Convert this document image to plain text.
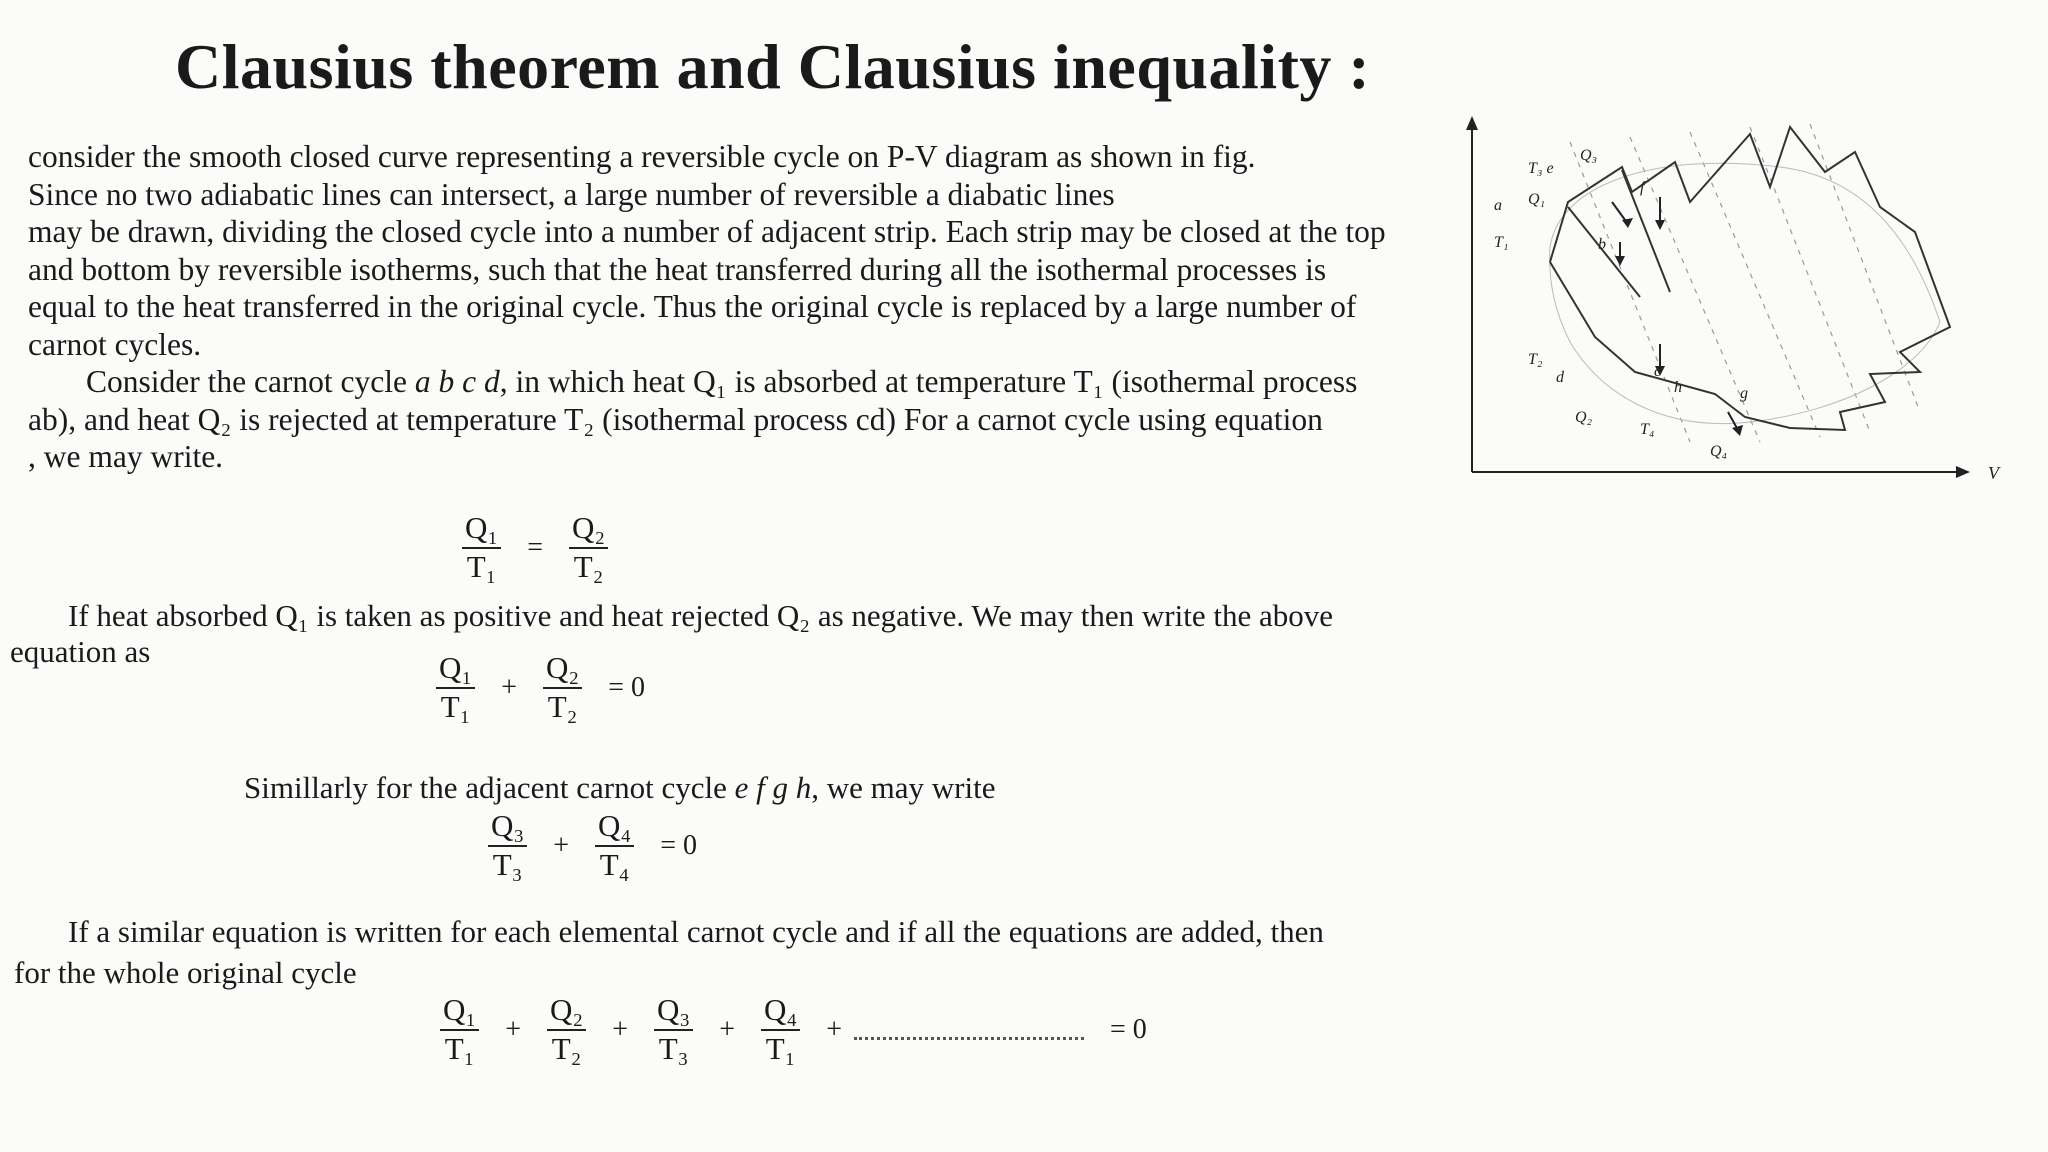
Clausius theorem and Clausius inequality :
consider the smooth closed curve representing a reversible cycle on P-V diagram as shown in fig.
Since no two adiabatic lines can intersect, a large number of reversible a diabatic lines
may be drawn, dividing the closed cycle into a number of adjacent strip. Each strip may be closed at the top
and bottom by reversible isotherms, such that the heat transferred during all the isothermal processes is
equal to the heat transferred in the original cycle. Thus the original cycle is replaced by a large number of
carnot cycles.
Consider the carnot cycle a b c d, in which heat Q₁ is absorbed at temperature T₁ (isothermal process
ab), and heat Q₂ is rejected at temperature T₂ (isothermal process cd) For a carnot cycle using equation
, we may write.
$\frac{\text{Q₁}}{\text{T₁}} = \frac{\text{Q₂}}{\text{T₂}}$
If heat absorbed Q₁ is taken as positive and heat rejected Q₂ as negative. We may then write the above
equation as
$\frac{\text{Q₁}}{\text{T₁}} + \frac{\text{Q₂}}{\text{T₂}} = 0$
Simillarly for the adjacent carnot cycle e f g h, we may write
$\frac{\text{Q₃}}{\text{T₃}} + \frac{\text{Q₄}}{\text{T₄}} = 0$
If a similar equation is written for each elemental carnot cycle and if all the equations are added, then
for the whole original cycle
$\frac{\text{Q₁}}{\text{T₁}} + \frac{\text{Q₂}}{\text{T₂}} + \frac{\text{Q₃}}{\text{T₃}} + \frac{\text{Q₄}}{\text{T₁}}$ +	= 0
V
Q₃
T₃ e
a Q₁
T₁	b
f
T₂
d	c
h	g
Q₂
T₄
Q₄
